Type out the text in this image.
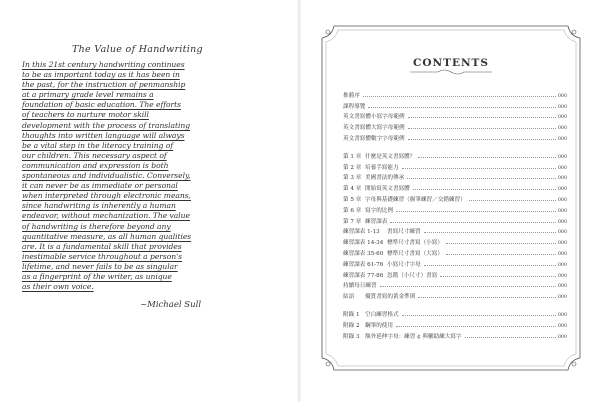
The Value of Handwriting
In this 21st century handwriting continues
to be as important today as it has been in
the past, for the instruction of penmanship
at a primary grade level remains a
foundation of basic education. The efforts
of teachers to nurture motor skill
development with the process of translating
thoughts into written language will always
be a vital step in the literacy training of
our children. This necessary aspect of
communication and expression is both
spontaneous and individualistic. Conversely,
it can never be as immediate or personal
when interpreted through electronic means,
since handwriting is inherently a human
endeavor, without mechanization. The value
of handwriting is therefore beyond any
quantitative measure, as all human qualities
are. It is a fundamental skill that provides
inestimable service throughout a person's
lifetime, and never fails to be as singular
as a fingerprint of the writer, as unique
as their own voice.
~Michael Sull
CONTENTS
推薦序	000
課程導覽	000
英文書寫體小寫字母範例	000
英文書寫體大寫字母範例	000
英文書寫體數字字母範例	000
第 1 章 什麼是英文書寫體？	000
第 2 章 培養手寫能力	000
第 3 章 美國書法的傳承	000
第 4 章 開始寫英文書寫體	000
第 5 章 字母與基礎練習（握筆練習／交錯練習）	000
第 6 章 寫字的比例	000
第 7 章 練習課表	000
練習課表 1-13	書寫尺寸練習	000
練習課表 14-34 標準尺寸書寫（小寫）	000
練習課表 35-60 標準尺寸書寫（大寫）	000
練習課表 61-76 小寫尺寸字母	000
練習課表 77-86 忽階（小尺寸）書寫	000
持續每日練習	000
結語	優質書寫的黃金準則	000
附錄 1 空白練習格式	000
附錄 2 鋼筆的使用	000
附錄 3 額外延伸字母：練習 ¢ 與輔助練大寫字	000
